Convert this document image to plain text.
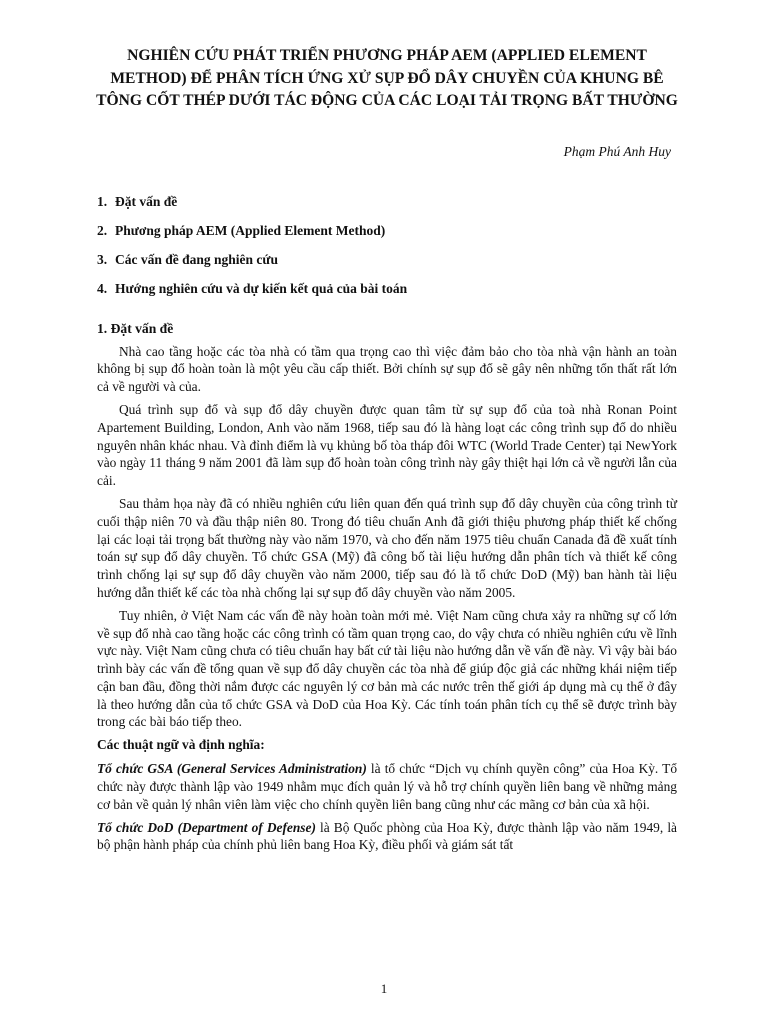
NGHIÊN CỨU PHÁT TRIỂN PHƯƠNG PHÁP AEM (APPLIED ELEMENT METHOD) ĐỂ PHÂN TÍCH ỨNG XỬ SỤP ĐỔ DÂY CHUYỀN CỦA KHUNG BÊ TÔNG CỐT THÉP DƯỚI TÁC ĐỘNG CỦA CÁC LOẠI TẢI TRỌNG BẤT THƯỜNG
Phạm Phú Anh Huy
1. Đặt vấn đề
2. Phương pháp AEM (Applied Element Method)
3. Các vấn đề đang nghiên cứu
4. Hướng nghiên cứu và dự kiến kết quả của bài toán
1. Đặt vấn đề

Nhà cao tầng hoặc các tòa nhà có tầm qua trọng cao thì việc đảm bảo cho tòa nhà vận hành an toàn không bị sụp đổ hoàn toàn là một yêu cầu cấp thiết. Bởi chính sự sụp đổ sẽ gây nên những tổn thất rất lớn cả về người và của.

Quá trình sụp đổ và sụp đổ dây chuyền được quan tâm từ sự sụp đổ của toà nhà Ronan Point Apartement Building, London, Anh vào năm 1968, tiếp sau đó là hàng loạt các công trình sụp đổ do nhiều nguyên nhân khác nhau. Và đỉnh điểm là vụ khủng bố tòa tháp đôi WTC (World Trade Center) tại NewYork vào ngày 11 tháng 9 năm 2001 đã làm sụp đổ hoàn toàn công trình này gây thiệt hại lớn cả về người lẫn của cải.

Sau thảm họa này đã có nhiều nghiên cứu liên quan đến quá trình sụp đổ dây chuyền của công trình từ cuối thập niên 70 và đầu thập niên 80. Trong đó tiêu chuẩn Anh đã giới thiệu phương pháp thiết kế chống lại các loại tải trọng bất thường này vào năm 1970, và cho đến năm 1975 tiêu chuẩn Canada đã đề xuất tính toán sự sụp đổ dây chuyền. Tổ chức GSA (Mỹ) đã công bố tài liệu hướng dẫn phân tích và thiết kế công trình chống lại sự sụp đổ dây chuyền vào năm 2000, tiếp sau đó là tổ chức DoD (Mỹ) ban hành tài liệu hướng dẫn thiết kế các tòa nhà chống lại sự sụp đổ dây chuyền vào năm 2005.

Tuy nhiên, ở Việt Nam các vấn đề này hoàn toàn mới mẻ. Việt Nam cũng chưa xảy ra những sự cố lớn về sụp đổ nhà cao tầng hoặc các công trình có tầm quan trọng cao, do vậy chưa có nhiều nghiên cứu về lĩnh vực này. Việt Nam cũng chưa có tiêu chuẩn hay bất cứ tài liệu nào hướng dẫn về vấn đề này. Vì vậy bài báo trình bày các vấn đề tổng quan về sụp đổ dây chuyền các tòa nhà để giúp độc giả các những khái niệm tiếp cận ban đầu, đồng thời nắm được các nguyên lý cơ bản mà các nước trên thế giới áp dụng mà cụ thể ở đây là theo hướng dẫn của tổ chức GSA và DoD của Hoa Kỳ. Các tính toán phân tích cụ thể sẽ được trình bày trong các bài báo tiếp theo.

Các thuật ngữ và định nghĩa:

Tổ chức GSA (General Services Administration) là tổ chức “Dịch vụ chính quyền công” của Hoa Kỳ. Tổ chức này được thành lập vào 1949 nhằm mục đích quản lý và hỗ trợ chính quyền liên bang về những mảng cơ bản về quản lý nhân viên làm việc cho chính quyền liên bang cũng như các mãng cơ bản của xã hội.

Tổ chức DoD (Department of Defense) là Bộ Quốc phòng của Hoa Kỳ, được thành lập vào năm 1949, là bộ phận hành pháp của chính phủ liên bang Hoa Kỳ, điều phối và giám sát tất

1
